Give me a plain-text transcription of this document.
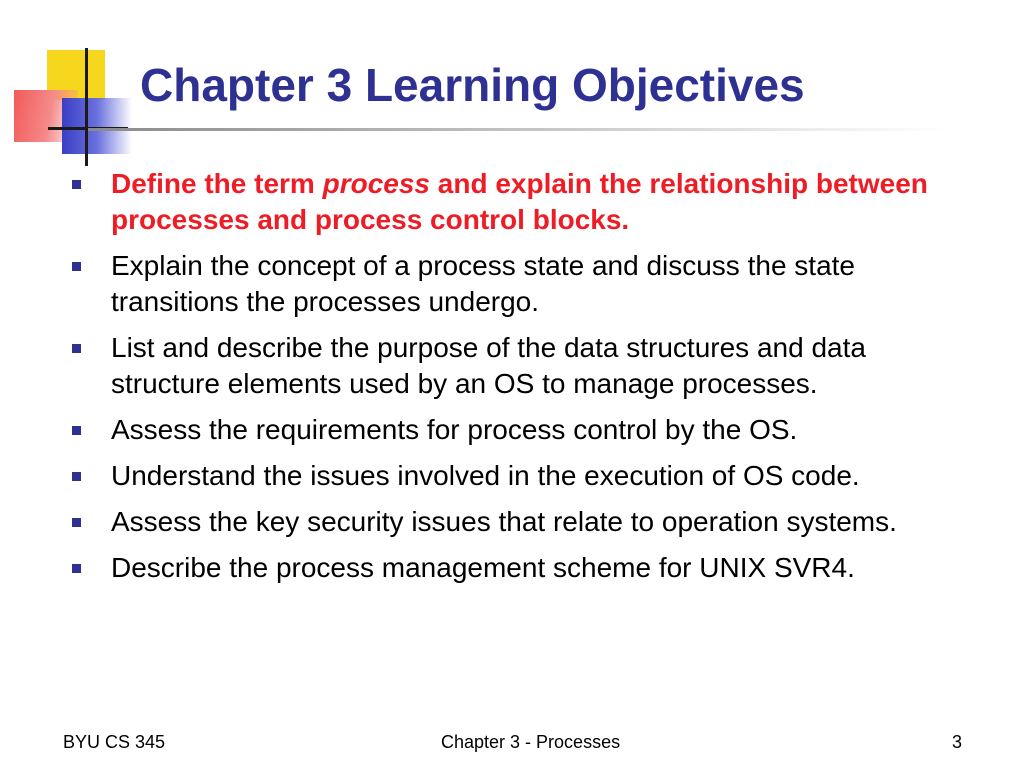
Chapter 3 Learning Objectives
Define the term process and explain the relationship between processes and process control blocks.
Explain the concept of a process state and discuss the state transitions the processes undergo.
List and describe the purpose of the data structures and data structure elements used by an OS to manage processes.
Assess the requirements for process control by the OS.
Understand the issues involved in the execution of OS code.
Assess the key security issues that relate to operation systems.
Describe the process management scheme for UNIX SVR4.
BYU CS 345	Chapter 3 - Processes	3
